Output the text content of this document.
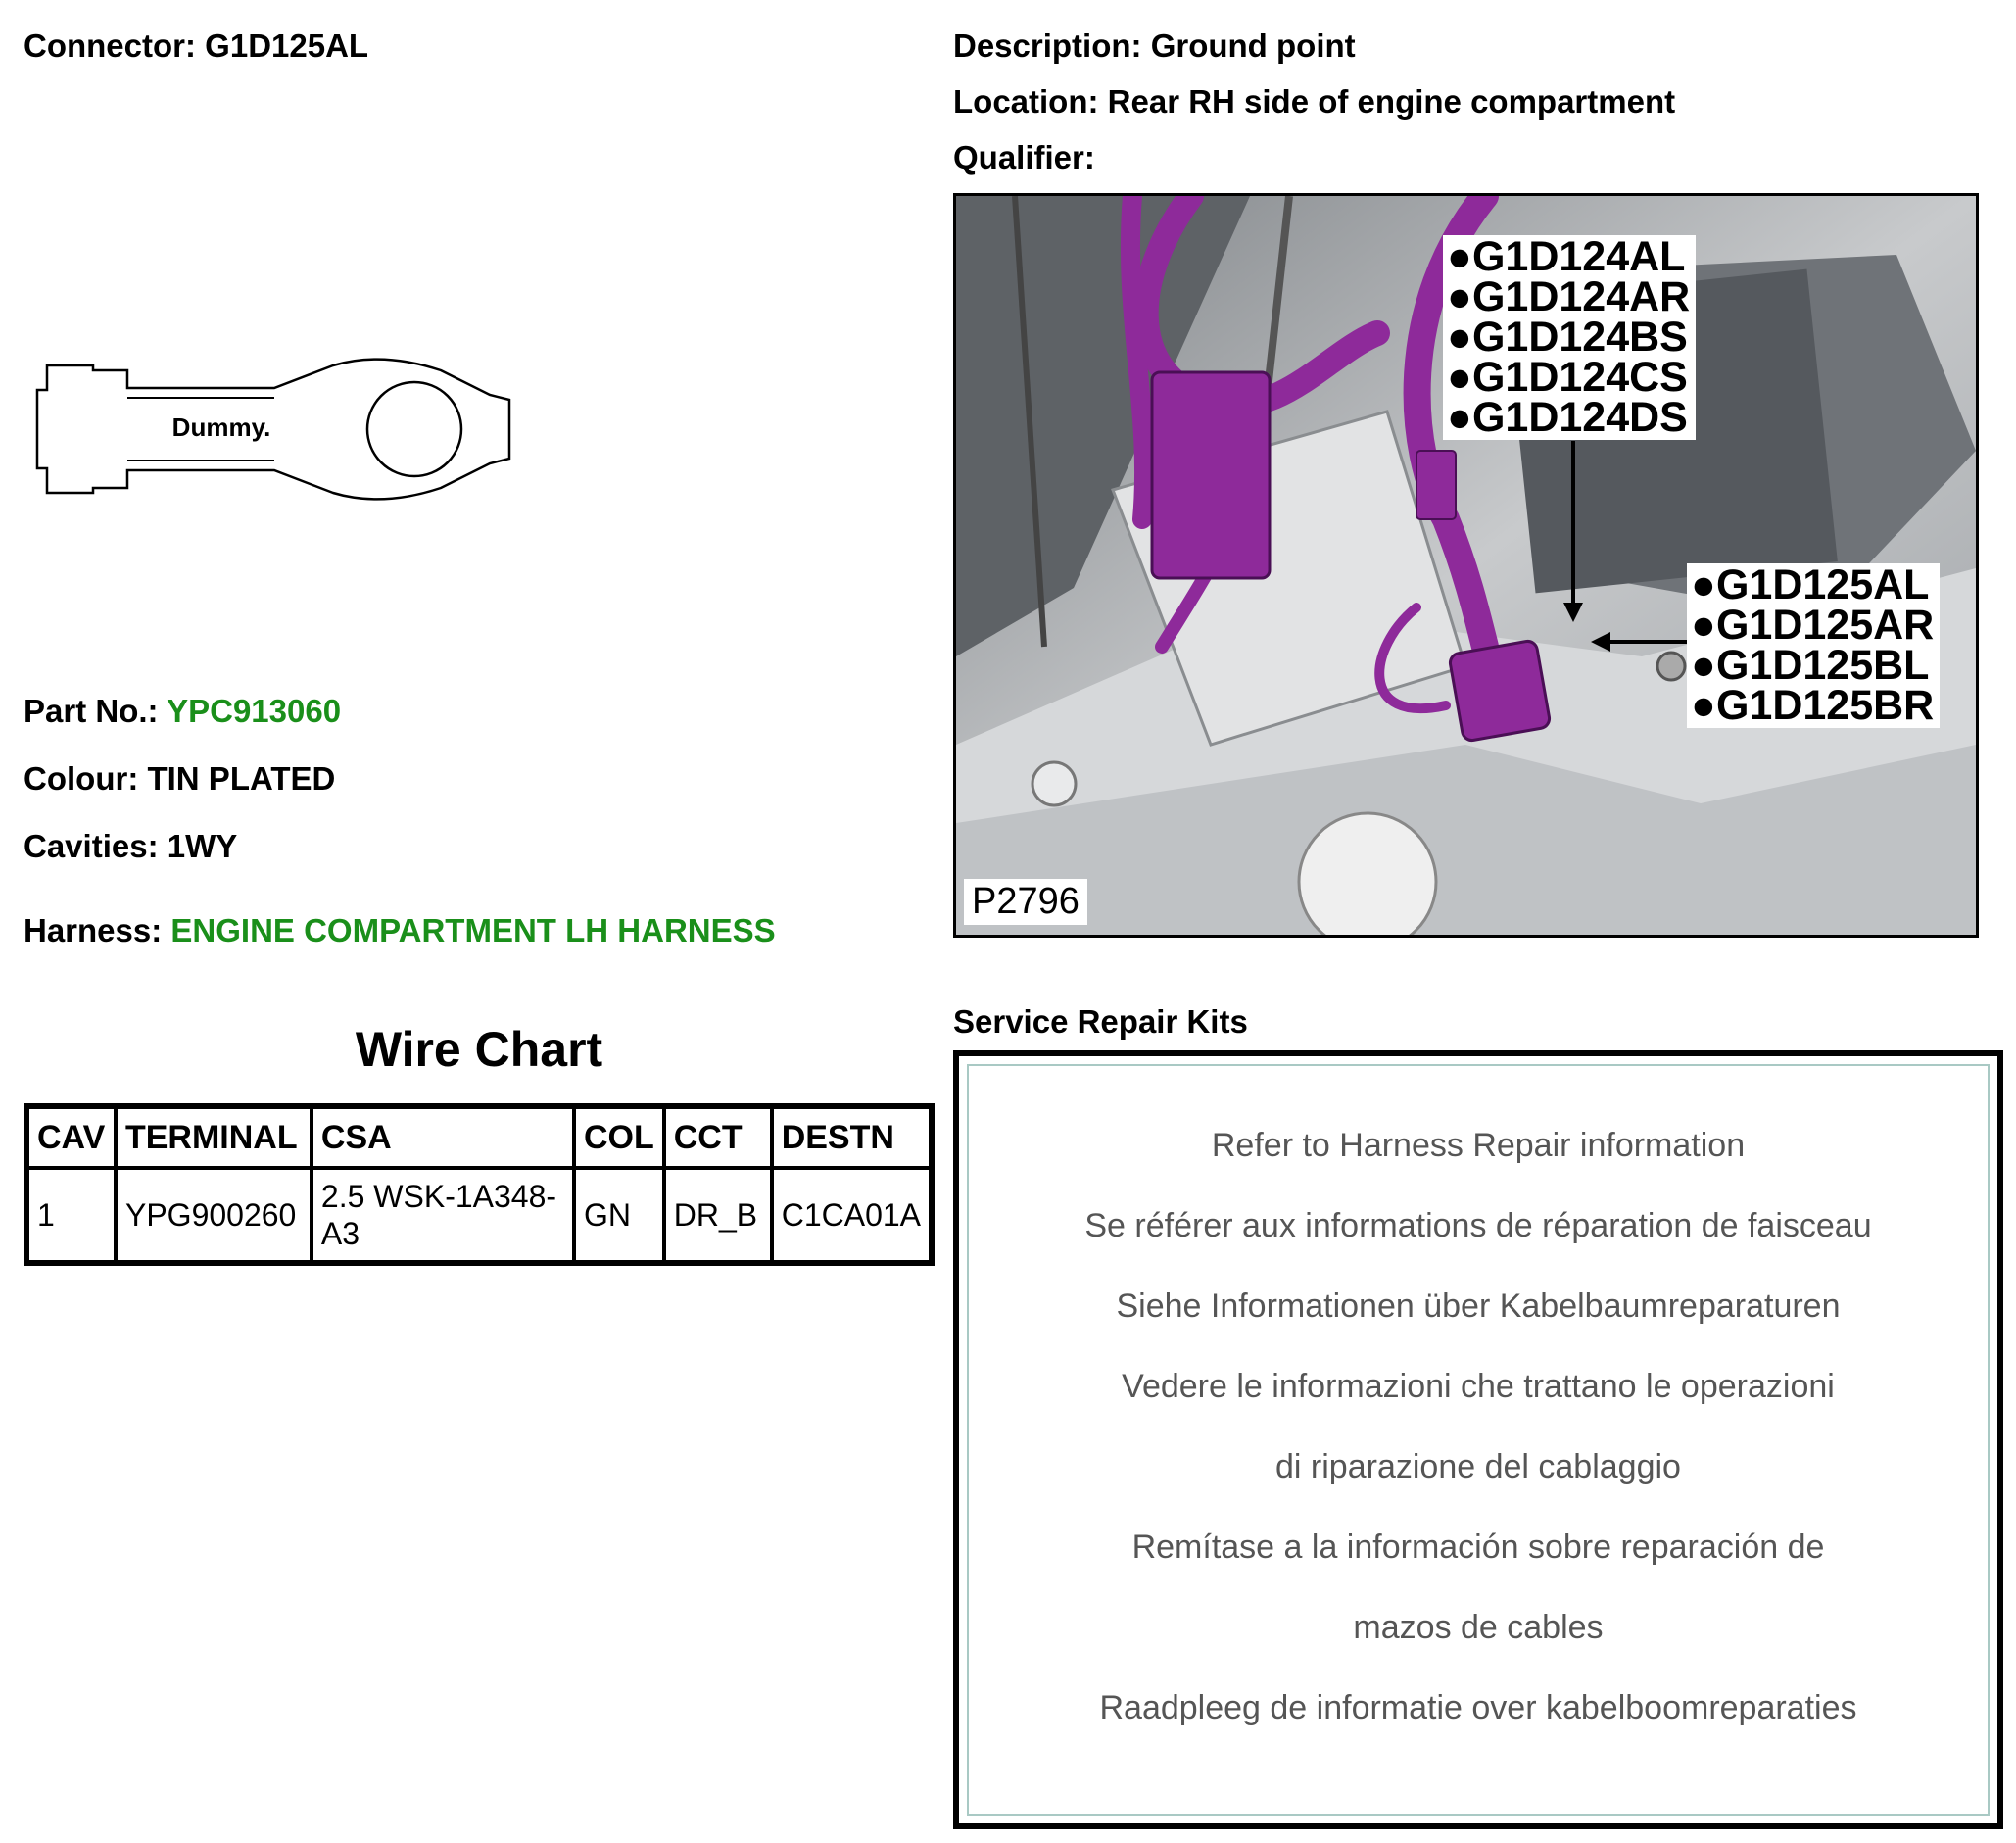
Connector: G1D125AL
Dummy.
Part No.: YPC913060
Colour: TIN PLATED
Cavities: 1WY
Harness: ENGINE COMPARTMENT LH HARNESS
Wire Chart
CAV	TERMINAL	CSA	COL	CCT	DESTN
1	YPG900260	2.5 WSK-1A348-A3	GN	DR_B	C1CA01A
Description: Ground point
Location: Rear RH side of engine compartment
Qualifier:
●G1D124AL
●G1D124AR
●G1D124BS
●G1D124CS
●G1D124DS
●G1D125AL
●G1D125AR
●G1D125BL
●G1D125BR
P2796
Service Repair Kits
Refer to Harness Repair information
Se référer aux informations de réparation de faisceau
Siehe Informationen über Kabelbaumreparaturen
Vedere le informazioni che trattano le operazioni
di riparazione del cablaggio
Remítase a la información sobre reparación de
mazos de cables
Raadpleeg de informatie over kabelboomreparaties
